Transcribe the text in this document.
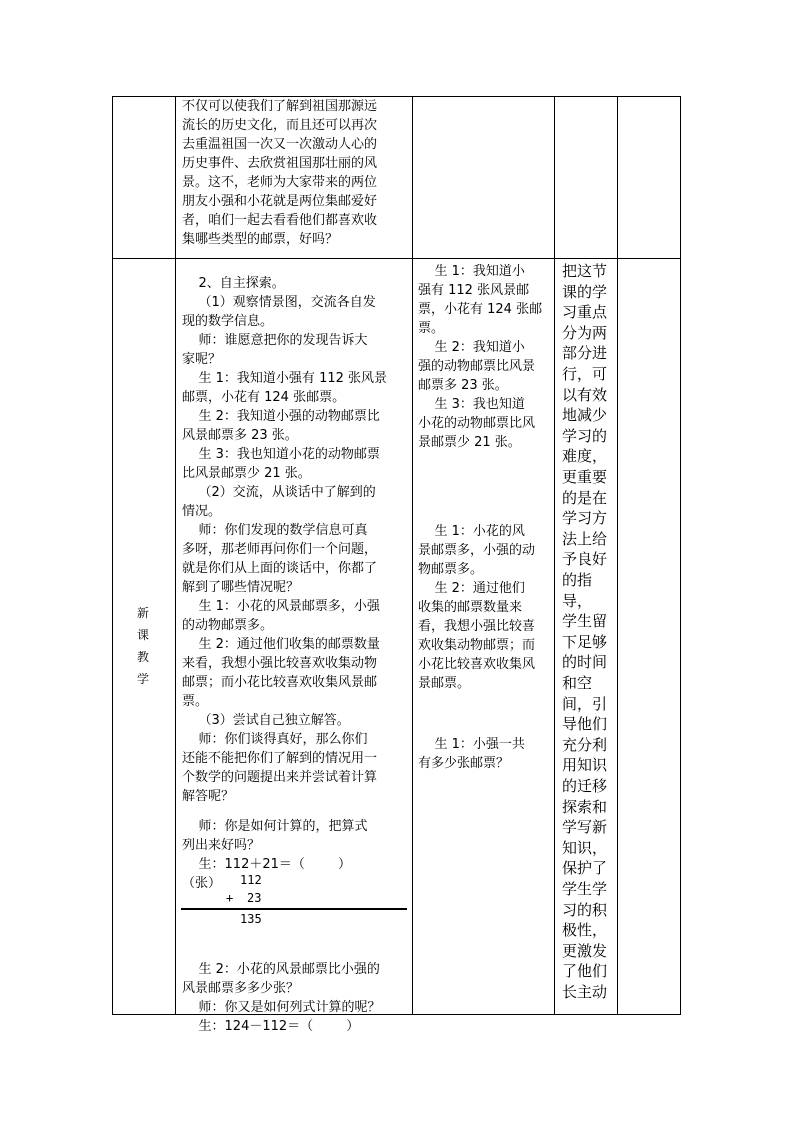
不仅可以使我们了解到祖国那源远
流长的历史文化，而且还可以再次
去重温祖国一次又一次激动人心的
历史事件、去欣赏祖国那壮丽的风
景。这不，老师为大家带来的两位
朋友小强和小花就是两位集邮爱好
者，咱们一起去看看他们都喜欢收
集哪些类型的邮票，好吗？
新
课
教
学
2、自主探索。
（1）观察情景图，交流各自发
现的数学信息。
师：谁愿意把你的发现告诉大
家呢？
生 1：我知道小强有 112 张风景
邮票，小花有 124 张邮票。
生 2：我知道小强的动物邮票比
风景邮票多 23 张。
生 3：我也知道小花的动物邮票
比风景邮票少 21 张。
（2）交流，从谈话中了解到的
情况。
师：你们发现的数学信息可真
多呀，那老师再问你们一个问题，
就是你们从上面的谈话中，你都了
解到了哪些情况呢？
生 1：小花的风景邮票多，小强
的动物邮票多。
生 2：通过他们收集的邮票数量
来看，我想小强比较喜欢收集动物
邮票；而小花比较喜欢收集风景邮
票。
（3）尝试自己独立解答。
师：你们谈得真好，那么你们
还能不能把你们了解到的情况用一
个数学的问题提出来并尝试着计算
解答呢？
师：你是如何计算的，把算式
列出来好吗？
生：112＋21＝（        ）
（张）
生 2：小花的风景邮票比小强的
风景邮票多多少张？
师：你又是如何列式计算的呢？
生：124－112＝（        ）
112
+ 23
135
生 1：我知道小
强有 112 张风景邮
票，小花有 124 张邮
票。
生 2：我知道小
强的动物邮票比风景
邮票多 23 张。
生 3：我也知道
小花的动物邮票比风
景邮票少 21 张。
生 1：小花的风
景邮票多，小强的动
物邮票多。
生 2：通过他们
收集的邮票数量来
看，我想小强比较喜
欢收集动物邮票；而
小花比较喜欢收集风
景邮票。
生 1：小强一共
有多少张邮票？
把这节
课的学
习重点
分为两
部分进
行，可
以有效
地减少
学习的
难度，
更重要
的是在
学习方
法上给
予良好
的指
导，
学生留
下足够
的时间
和空
间，引
导他们
充分利
用知识
的迁移
探索和
学写新
知识，
保护了
学生学
习的积
极性，
更激发
了他们
长主动
